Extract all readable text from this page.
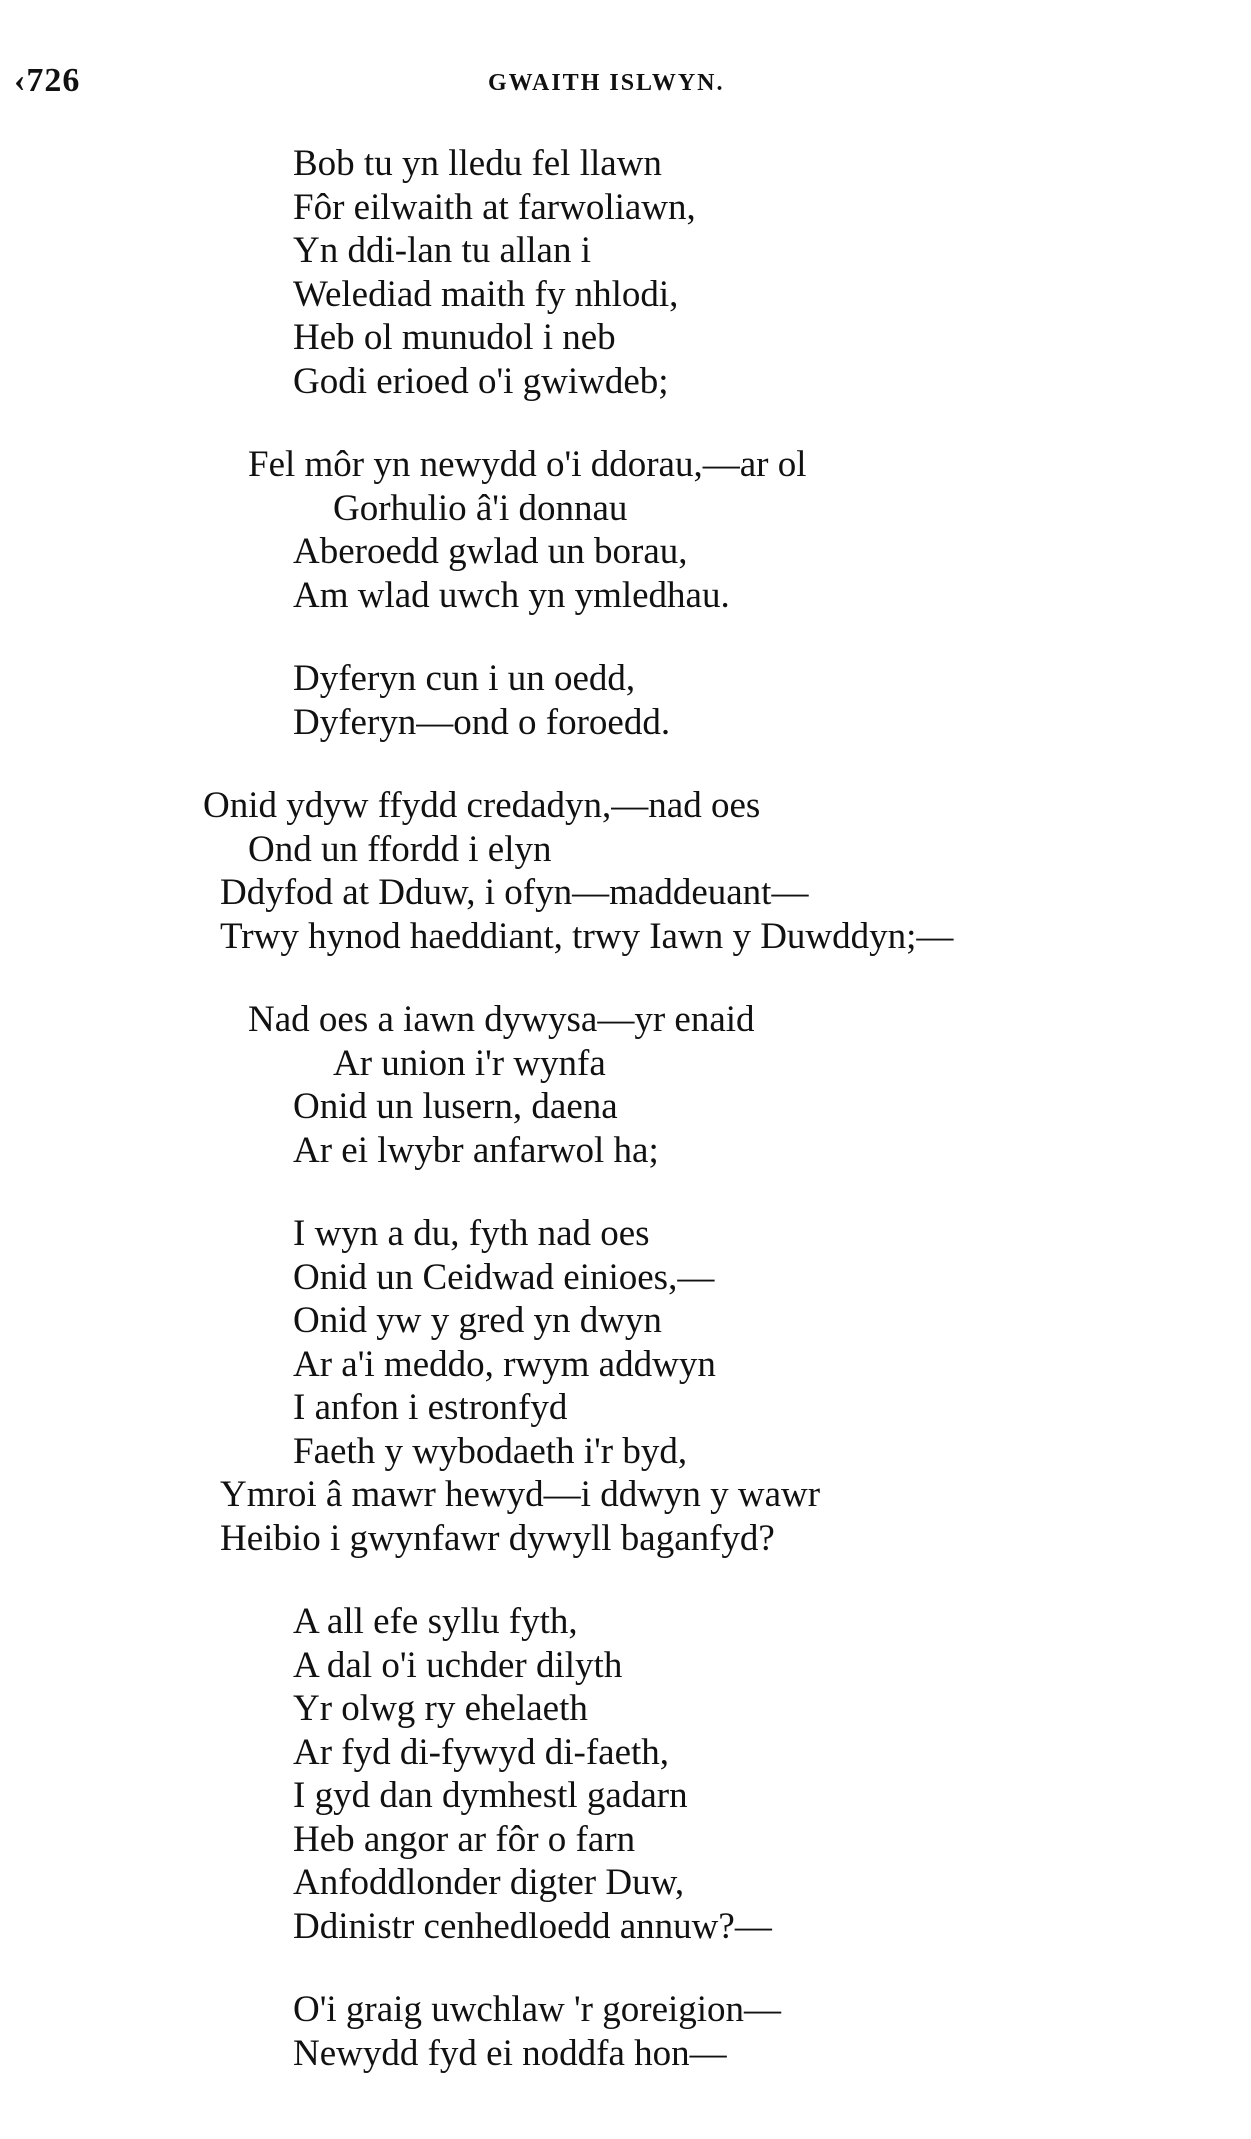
‹726	GWAITH ISLWYN.
Bob tu yn lledu fel llawn
Fôr eilwaith at farwoliawn,
Yn ddi-lan tu allan i
Welediad maith fy nhlodi,
Heb ol munudol i neb
Godi erioed o'i gwiwdeb;
Fel môr yn newydd o'i ddorau,—ar ol
Gorhulio â'i donnau
Aberoedd gwlad un borau,
Am wlad uwch yn ymledhau.
Dyferyn cun i un oedd,
Dyferyn—ond o foroedd.
Onid ydyw ffydd credadyn,—nad oes
Ond un ffordd i elyn
Ddyfod at Dduw, i ofyn—maddeuant—
Trwy hynod haeddiant, trwy Iawn y Duwddyn;—
Nad oes a iawn dywysa—yr enaid
Ar union i'r wynfa
Onid un lusern, daena
Ar ei lwybr anfarwol ha;
I wyn a du, fyth nad oes
Onid un Ceidwad einioes,—
Onid yw y gred yn dwyn
Ar a'i meddo, rwym addwyn
I anfon i estronfyd
Faeth y wybodaeth i'r byd,
Ymroi â mawr hewyd—i ddwyn y wawr
Heibio i gwynfawr dywyll baganfyd?
A all efe syllu fyth,
A dal o'i uchder dilyth
Yr olwg ry ehelaeth
Ar fyd di-fywyd di-faeth,
I gyd dan dymhestl gadarn
Heb angor ar fôr o farn
Anfoddlonder digter Duw,
Ddinistr cenhedloedd annuw?—
O'i graig uwchlaw 'r goreigion—
Newydd fyd ei noddfa hon—
